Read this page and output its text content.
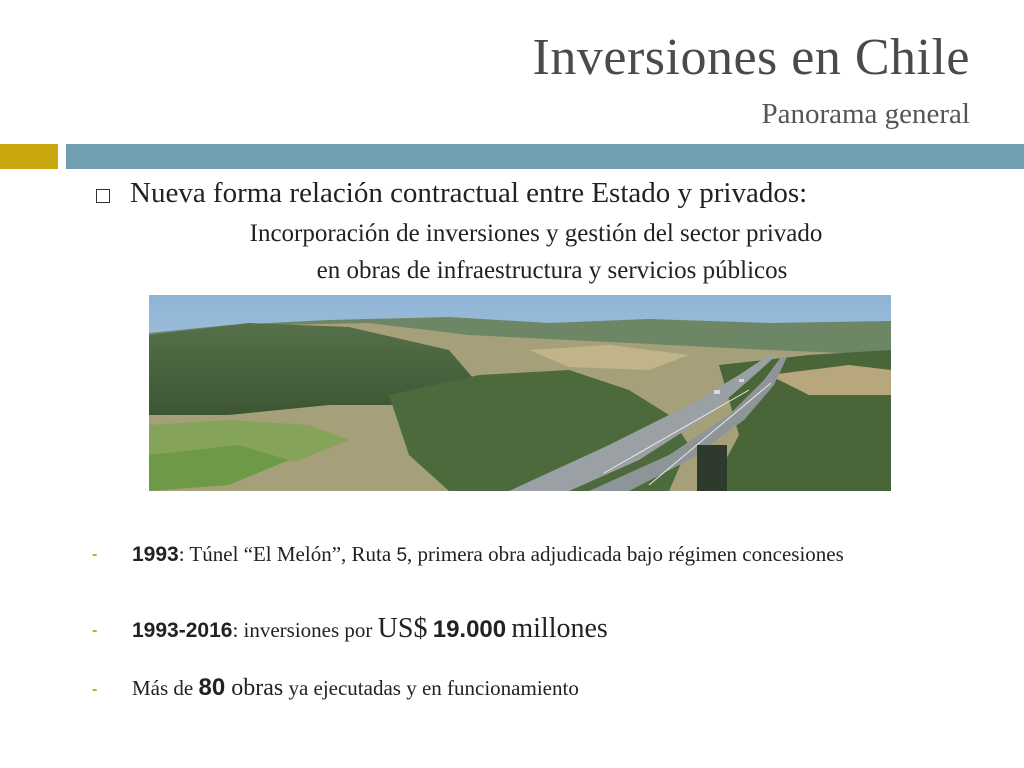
Inversiones en Chile
Panorama general
Nueva forma relación contractual entre Estado y privados:
Incorporación de inversiones y gestión del sector privado
en obras de infraestructura y servicios públicos
- 1993: Túnel “El Melón”, Ruta 5, primera obra adjudicada bajo régimen concesiones
- 1993-2016: inversiones por US$ 19.000 millones
- Más de 80 obras ya ejecutadas y en funcionamiento
